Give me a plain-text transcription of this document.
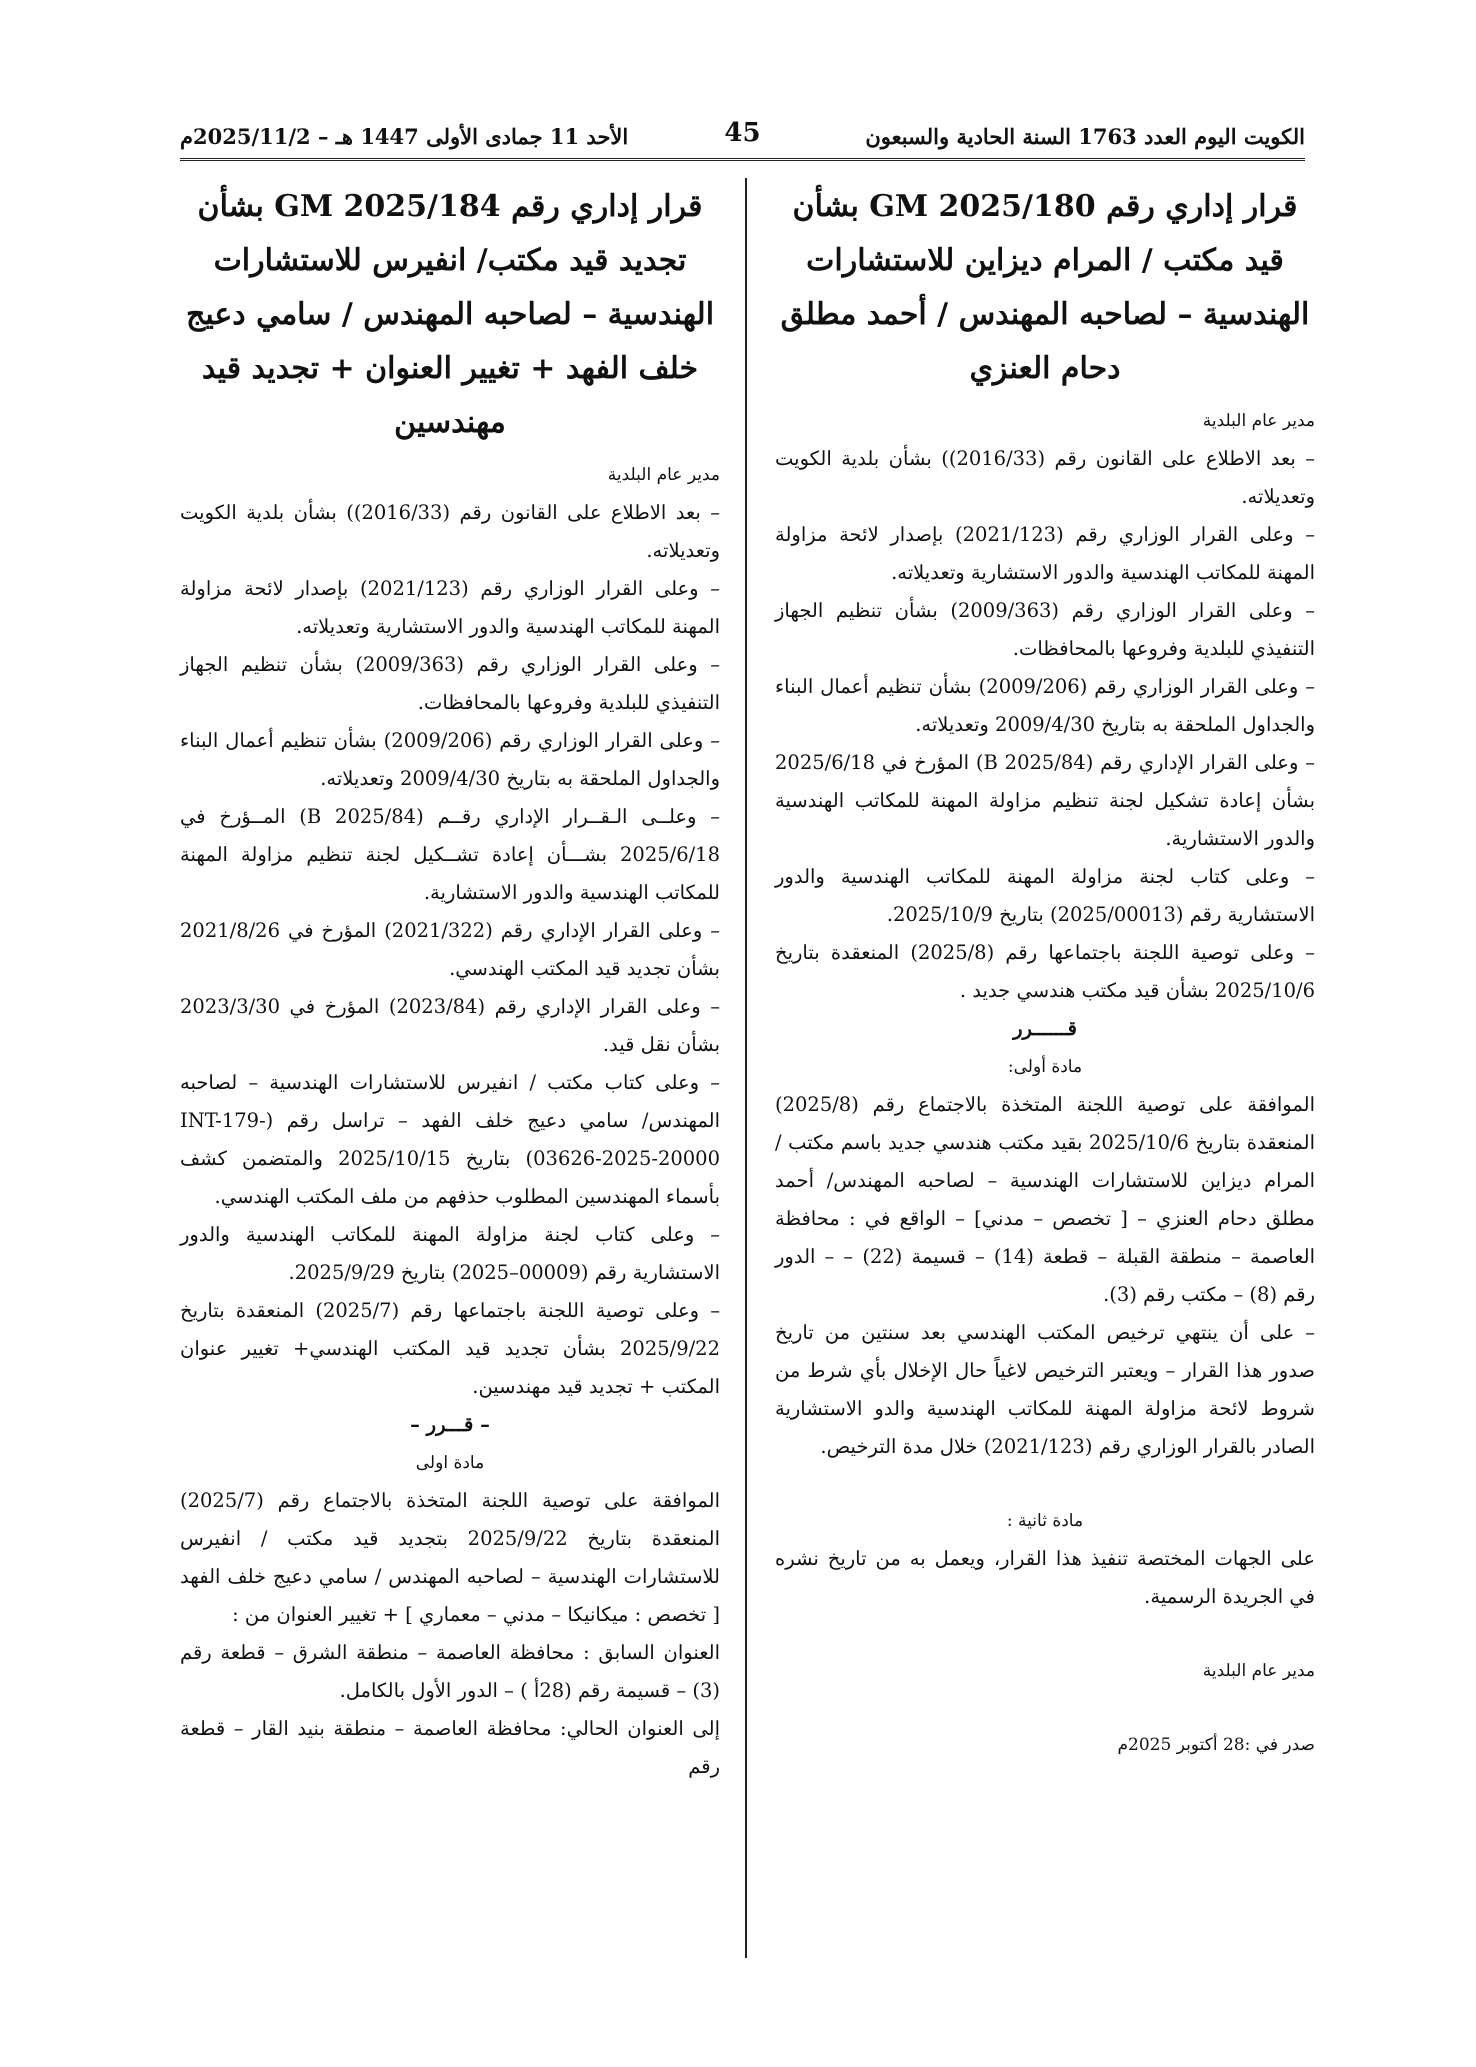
الكويت اليوم العدد 1763 السنة الحادية والسبعون
45
الأحد 11 جمادى الأولى 1447 هـ – 2025/11/2م

قرار إداري رقم GM 2025/180 بشأن قيد مكتب / المرام ديزاين للاستشارات الهندسية – لصاحبه المهندس / أحمد مطلق دحام العنزي

مدير عام البلدية

– بعد الاطلاع على القانون رقم (2016/33)) بشأن بلدية الكويت وتعديلاته.

– وعلى القرار الوزاري رقم (2021/123) بإصدار لائحة مزاولة المهنة للمكاتب الهندسية والدور الاستشارية وتعديلاته.

– وعلى القرار الوزاري رقم (2009/363) بشأن تنظيم الجهاز التنفيذي للبلدية وفروعها بالمحافظات.

– وعلى القرار الوزاري رقم (2009/206) بشأن تنظيم أعمال البناء والجداول الملحقة به بتاريخ 2009/4/30 وتعديلاته.

– وعلى القرار الإداري رقم (B 2025/84) المؤرخ في 2025/6/18 بشأن إعادة تشكيل لجنة تنظيم مزاولة المهنة للمكاتب الهندسية والدور الاستشارية.

– وعلى كتاب لجنة مزاولة المهنة للمكاتب الهندسية والدور الاستشارية رقم (2025/00013) بتاريخ 2025/10/9.

– وعلى توصية اللجنة باجتماعها رقم (2025/8) المنعقدة بتاريخ 2025/10/6 بشأن قيد مكتب هندسي جديد .

قــــــرر

مادة أولى:

الموافقة على توصية اللجنة المتخذة بالاجتماع رقم (2025/8) المنعقدة بتاريخ 2025/10/6 بقيد مكتب هندسي جديد باسم مكتب / المرام ديزاين للاستشارات الهندسية – لصاحبه المهندس/ أحمد مطلق دحام العنزي – [ تخصص – مدني] – الواقع في : محافظة العاصمة – منطقة القبلة – قطعة (14) – قسيمة (22) – – الدور رقم (8) – مكتب رقم (3).

– على أن ينتهي ترخيص المكتب الهندسي بعد سنتين من تاريخ صدور هذا القرار – ويعتبر الترخيص لاغياً حال الإخلال بأي شرط من شروط لائحة مزاولة المهنة للمكاتب الهندسية والدو الاستشارية الصادر بالقرار الوزاري رقم (2021/123) خلال مدة الترخيص.

مادة ثانية :

على الجهات المختصة تنفيذ هذا القرار، ويعمل به من تاريخ نشره في الجريدة الرسمية.

مدير عام البلدية

صدر في :28 أكتوبر 2025م

قرار إداري رقم GM 2025/184 بشأن تجديد قيد مكتب/ انفيرس للاستشارات الهندسية – لصاحبه المهندس / سامي دعيج خلف الفهد + تغيير العنوان + تجديد قيد مهندسين

مدير عام البلدية

– بعد الاطلاع على القانون رقم (2016/33)) بشأن بلدية الكويت وتعديلاته.

– وعلى القرار الوزاري رقم (2021/123) بإصدار لائحة مزاولة المهنة للمكاتب الهندسية والدور الاستشارية وتعديلاته.

– وعلى القرار الوزاري رقم (2009/363) بشأن تنظيم الجهاز التنفيذي للبلدية وفروعها بالمحافظات.

– وعلى القرار الوزاري رقم (2009/206) بشأن تنظيم أعمال البناء والجداول الملحقة به بتاريخ 2009/4/30 وتعديلاته.

– وعلــى الـقــرار الإداري رقــم (B 2025/84) المــؤرخ في 2025/6/18 بشـــأن إعادة تشــكيل لجنة تنظيم مزاولة المهنة للمكاتب الهندسية والدور الاستشارية.

– وعلى القرار الإداري رقم (2021/322) المؤرخ في 2021/8/26 بشأن تجديد قيد المكتب الهندسي.

– وعلى القرار الإداري رقم (2023/84) المؤرخ في 2023/3/30 بشأن نقل قيد.

– وعلى كتاب مكتب / انفيرس للاستشارات الهندسية – لصاحبه المهندس/ سامي دعيج خلف الفهد – تراسل رقم (INT-179-03626-2025-20000) بتاريخ 2025/10/15 والمتضمن كشف بأسماء المهندسين المطلوب حذفهم من ملف المكتب الهندسي.

– وعلى كتاب لجنة مزاولة المهنة للمكاتب الهندسية والدور الاستشارية رقم (00009–2025) بتاريخ 2025/9/29.

– وعلى توصية اللجنة باجتماعها رقم (2025/7) المنعقدة بتاريخ 2025/9/22 بشأن تجديد قيد المكتب الهندسي+ تغيير عنوان المكتب + تجديد قيد مهندسين.

– قـــرر –

مادة اولى

الموافقة على توصية اللجنة المتخذة بالاجتماع رقم (2025/7) المنعقدة بتاريخ 2025/9/22 بتجديد قيد مكتب / انفيرس للاستشارات الهندسية – لصاحبه المهندس / سامي دعيج خلف الفهد [ تخصص : ميكانيكا – مدني – معماري ] + تغيير العنوان من :

العنوان السابق : محافظة العاصمة – منطقة الشرق – قطعة رقم (3) – قسيمة رقم (28أ ) – الدور الأول بالكامل.

إلى العنوان الحالي: محافظة العاصمة – منطقة بنيد القار – قطعة رقم
